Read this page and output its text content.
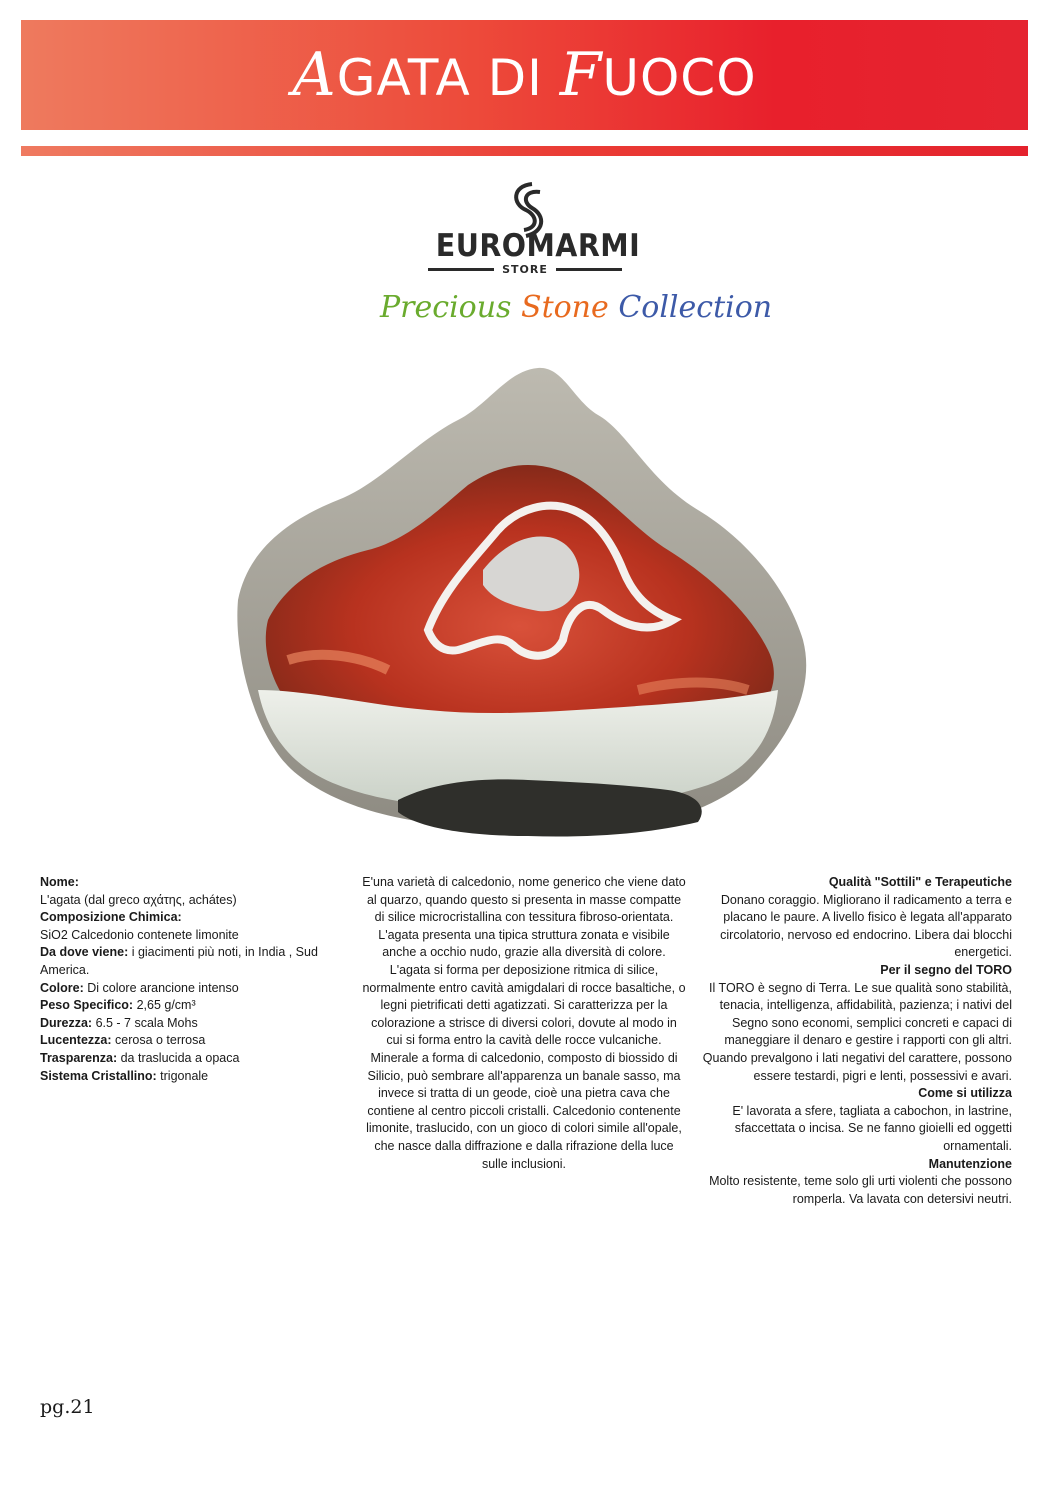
AGATA DI FUOCO
EUROMARMI
STORE
Precious Stone Collection
Nome:
L'agata (dal greco αχάτης, achátes)
Composizione Chimica:
SiO2 Calcedonio contenete limonite
Da dove viene: i giacimenti più noti, in India , Sud America.
Colore: Di colore arancione intenso
Peso Specifico: 2,65 g/cm³
Durezza: 6.5 - 7 scala Mohs
Lucentezza: cerosa o terrosa
Trasparenza: da traslucida a opaca
Sistema Cristallino: trigonale

E'una varietà di calcedonio, nome generico che viene dato al quarzo, quando questo si presenta in masse compatte di silice microcristallina con tessitura fibroso-orientata. L'agata presenta una tipica struttura zonata e visibile anche a occhio nudo, grazie alla diversità di colore. L'agata si forma per deposizione ritmica di silice, normalmente entro cavità amigdalari di rocce basaltiche, o legni pietrificati detti agatizzati. Si caratterizza per la colorazione a strisce di diversi colori, dovute al modo in cui si forma entro la cavità delle rocce vulcaniche. Minerale a forma di calcedonio, composto di biossido di Silicio, può sembrare all'apparenza un banale sasso, ma invece si tratta di un geode, cioè una pietra cava che contiene al centro piccoli cristalli. Calcedonio contenente limonite, traslucido, con un gioco di colori simile all'opale, che nasce dalla diffrazione e dalla rifrazione della luce sulle inclusioni.

Qualità "Sottili" e Terapeutiche
Donano coraggio. Migliorano il radicamento a terra e placano le paure. A livello fisico è legata all'apparato circolatorio, nervoso ed endocrino. Libera dai blocchi energetici.
Per il segno del TORO
Il TORO è segno di Terra. Le sue qualità sono stabilità, tenacia, intelligenza, affidabilità, pazienza; i nativi del Segno sono economi, semplici concreti e capaci di maneggiare il denaro e gestire i rapporti con gli altri. Quando prevalgono i lati negativi del carattere, possono essere testardi, pigri e lenti, possessivi e avari.
Come si utilizza
E' lavorata a sfere, tagliata a cabochon, in lastrine, sfaccettata o incisa. Se ne fanno gioielli ed oggetti ornamentali.
Manutenzione
Molto resistente, teme solo gli urti violenti che possono romperla. Va lavata con detersivi neutri.
pg.21
